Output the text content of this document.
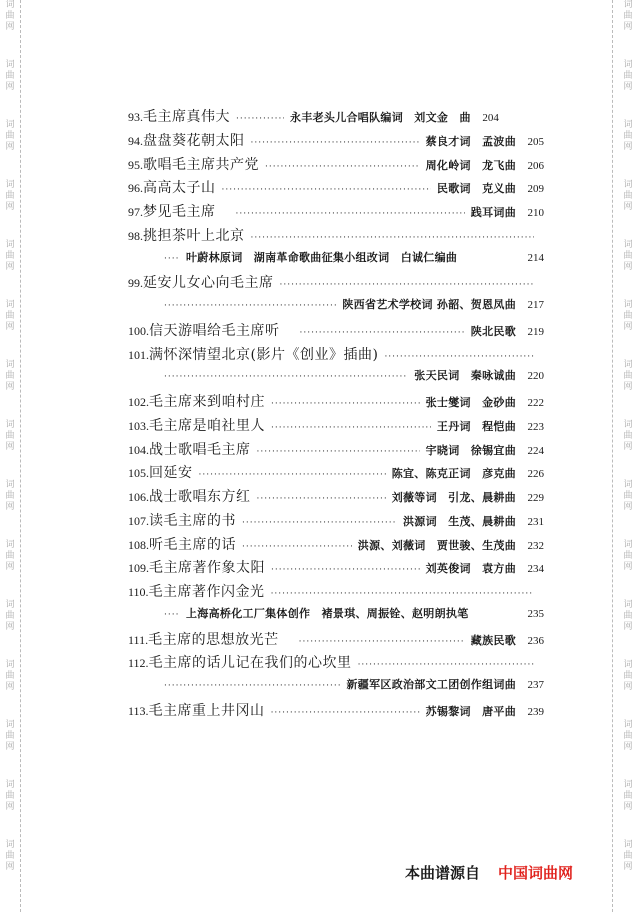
词
曲
网
词
曲
网
词
曲
网
词
曲
网
词
曲
网
词
曲
网
词
曲
网
词
曲
网
词
曲
网
词
曲
网
词
曲
网
词
曲
网
词
曲
网
词
曲
网
词
曲
网
词
曲
网
词
曲
网
词
曲
网
词
曲
网
词
曲
网
词
曲
网
词
曲
网
词
曲
网
词
曲
网
词
曲
网
词
曲
网
词
曲
网
词
曲
网
词
曲
网
词
曲
网
93. 毛主席真伟大 ·····	永丰老头儿合唱队编词　刘文金　曲	204
94. 盘盘葵花朝太阳 ·····	蔡良才词　孟波曲	205
95. 歌唱毛主席共产党 ·····	周化岭词　龙飞曲	206
96. 高高太子山 ·····	民歌词　克义曲	209
97. 梦见毛主席 ·····	践耳词曲	210
98. 挑担茶叶上北京
·····
·····
叶蔚林原词　湖南革命歌曲征集小组改词　白诚仁编曲	214
99. 延安儿女心向毛主席
·····
·····
陕西省艺术学校词 孙韶、贺恩凤曲	217
100. 信天游唱给毛主席听 ·····	陕北民歌	219
101. 满怀深情望北京(影片《创业》插曲)
·····
·····
张天民词　秦咏诚曲	220
102. 毛主席来到咱村庄 ·····	张士燮词　金砂曲	222
103. 毛主席是咱社里人 ·····	王丹词　程恺曲	223
104. 战士歌唱毛主席 ·····	宇晓词　徐锡宜曲	224
105. 回延安 ·····	陈宜、陈克正词　彦克曲	226
106. 战士歌唱东方红 ·····	刘薇等词　引龙、晨耕曲	229
107. 读毛主席的书 ·····	洪源词　生茂、晨耕曲	231
108. 听毛主席的话 ·····	洪源、刘薇词　贾世骏、生茂曲	232
109. 毛主席著作象太阳 ·····	刘英俊词　袁方曲	234
110. 毛主席著作闪金光
·····
·····
上海高桥化工厂集体创作　褚景琪、周振铨、赵明朗执笔	235
111. 毛主席的思想放光芒 ·····	藏族民歌	236
112. 毛主席的话儿记在我们的心坎里
·····
·····
新疆军区政治部文工团创作组词曲	237
113. 毛主席重上井冈山 ·····	苏锡黎词　唐平曲	239
本曲谱源自 中国词曲网
